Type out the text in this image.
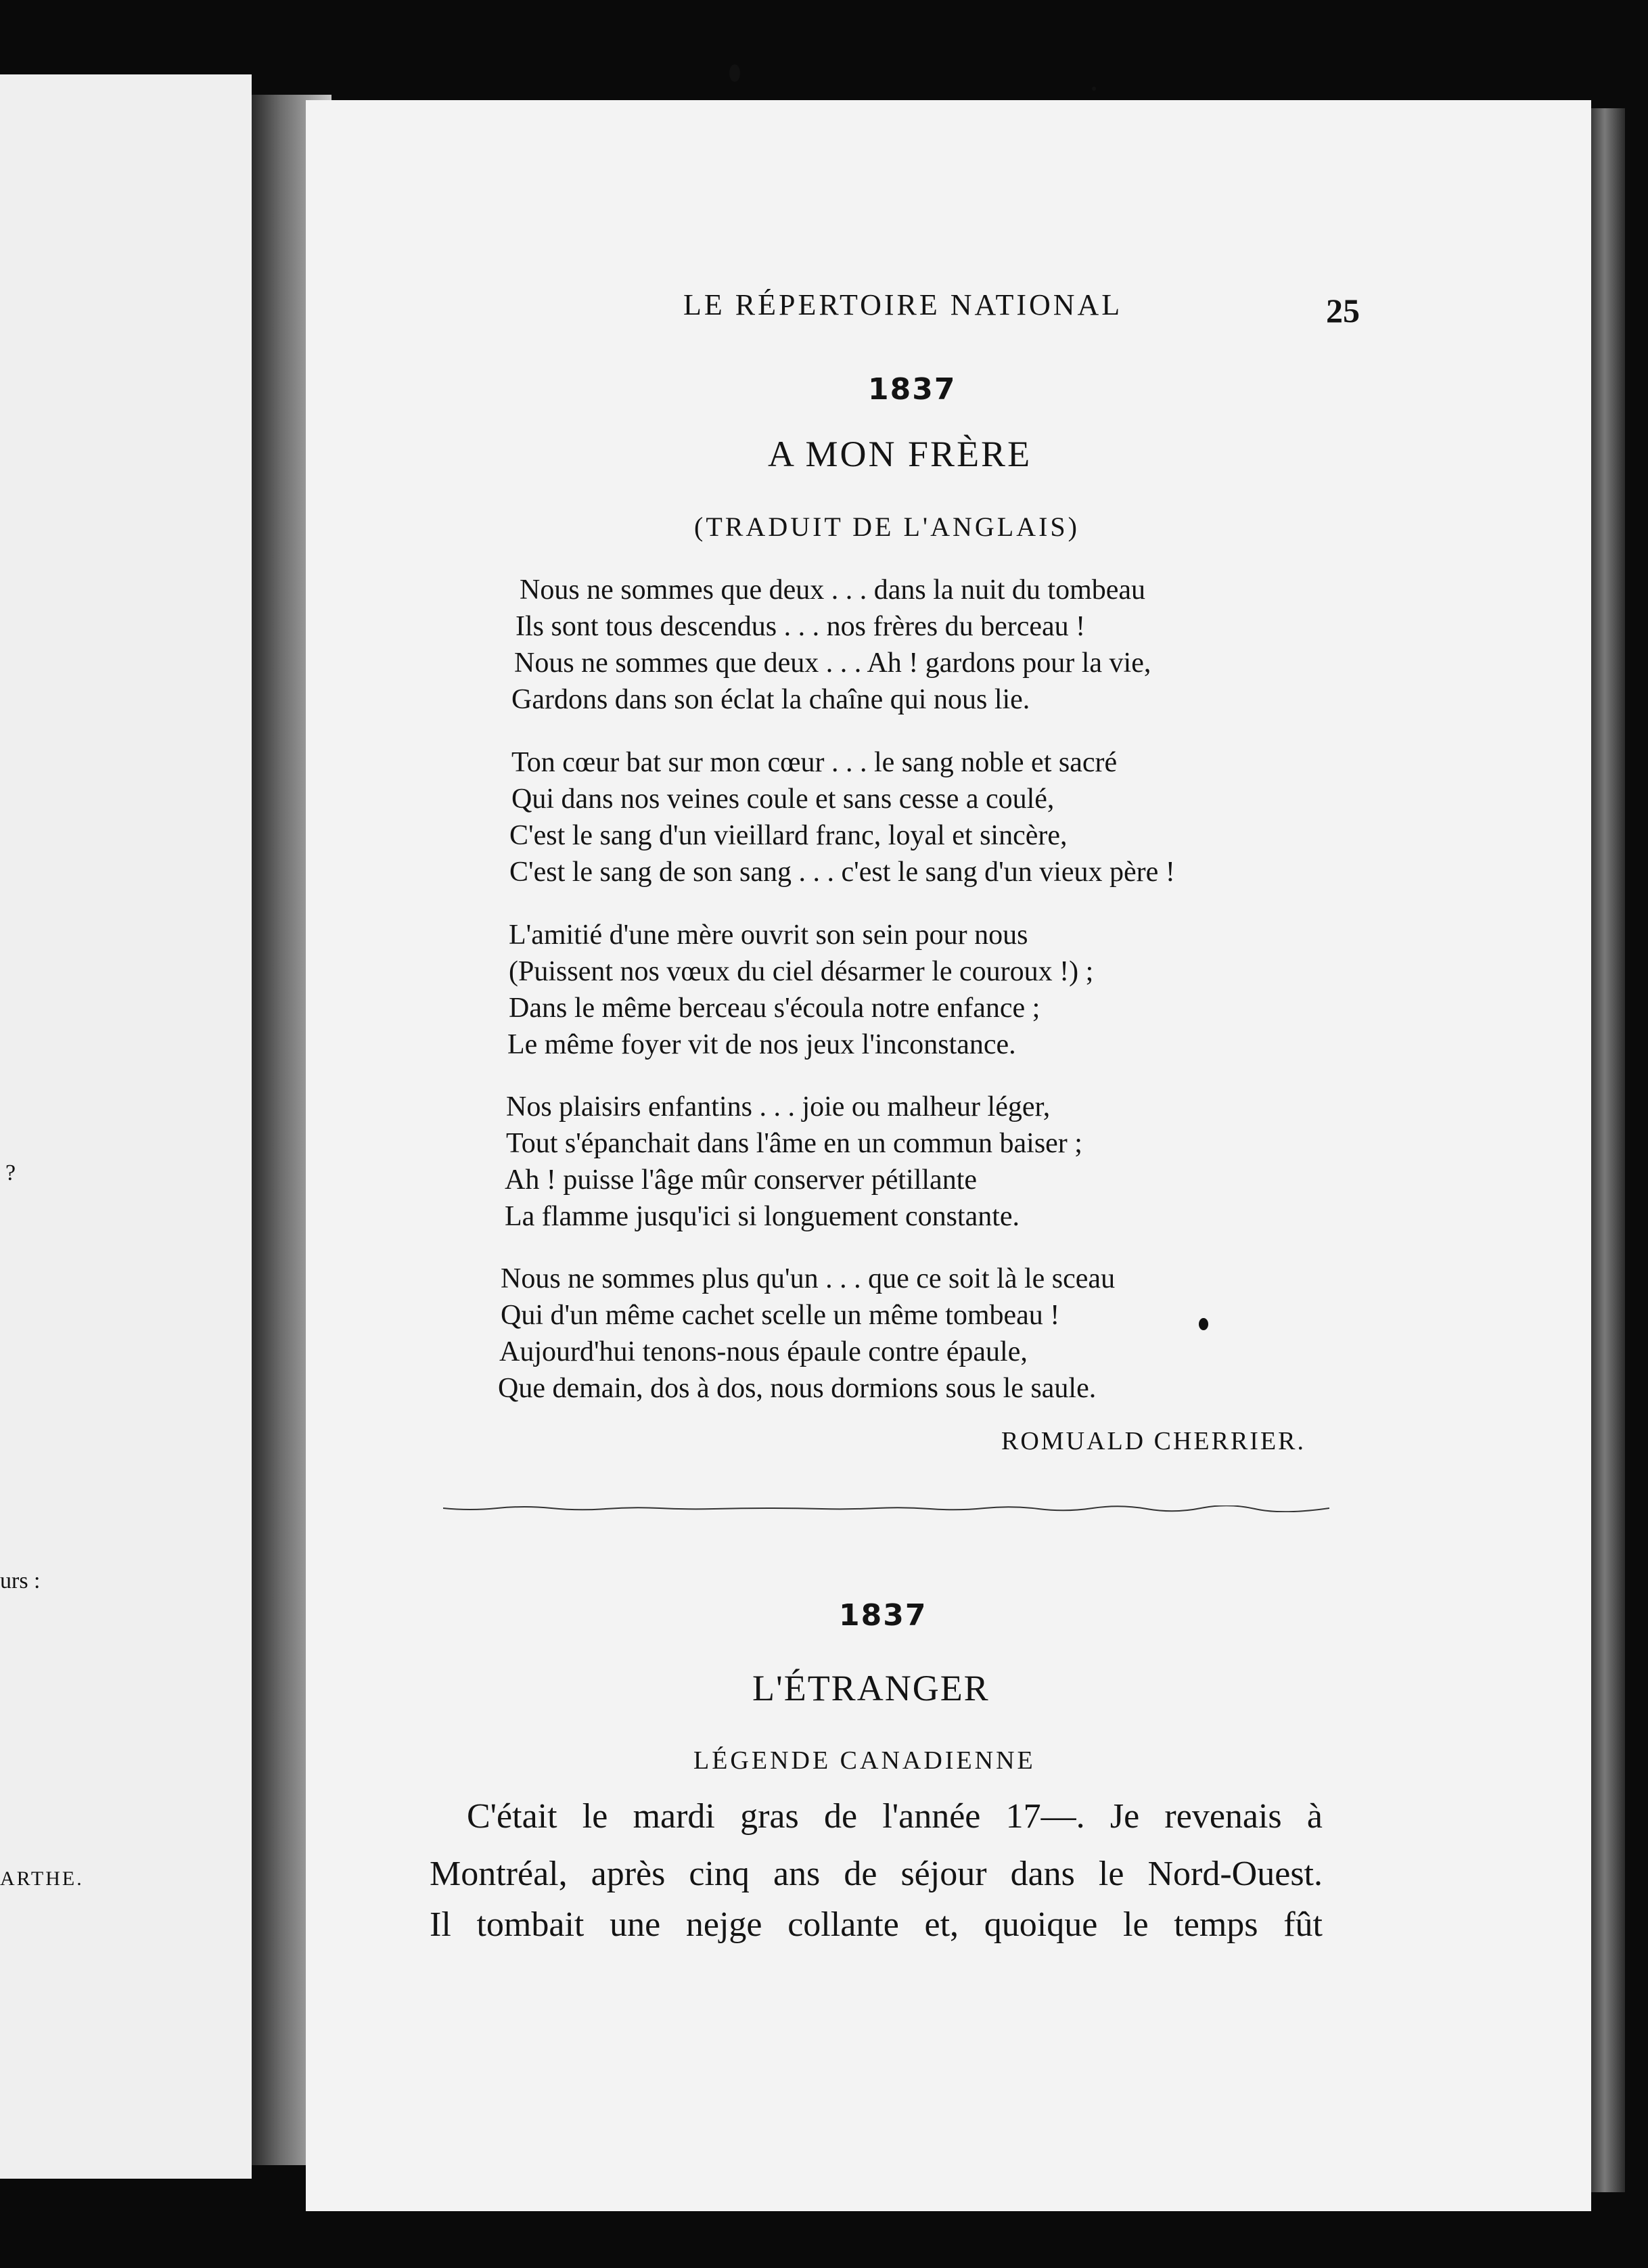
?
urs :
ARTHE.
LE RÉPERTOIRE NATIONAL	25
1837
A MON FRÈRE
(TRADUIT DE L'ANGLAIS)
Nous ne sommes que deux . . . dans la nuit du tombeau
Ils sont tous descendus . . . nos frères du berceau !
Nous ne sommes que deux . . . Ah ! gardons pour la vie,
Gardons dans son éclat la chaîne qui nous lie.
Ton cœur bat sur mon cœur . . . le sang noble et sacré
Qui dans nos veines coule et sans cesse a coulé,
C'est le sang d'un vieillard franc, loyal et sincère,
C'est le sang de son sang . . . c'est le sang d'un vieux père !
L'amitié d'une mère ouvrit son sein pour nous
(Puissent nos vœux du ciel désarmer le couroux !) ;
Dans le même berceau s'écoula notre enfance ;
Le même foyer vit de nos jeux l'inconstance.
Nos plaisirs enfantins . . . joie ou malheur léger,
Tout s'épanchait dans l'âme en un commun baiser ;
Ah ! puisse l'âge mûr conserver pétillante
La flamme jusqu'ici si longuement constante.
Nous ne sommes plus qu'un . . . que ce soit là le sceau
Qui d'un même cachet scelle un même tombeau !
Aujourd'hui tenons-nous épaule contre épaule,
Que demain, dos à dos, nous dormions sous le saule.
ROMUALD CHERRIER.
1837
L'ÉTRANGER
LÉGENDE CANADIENNE
C'était le mardi gras de l'année 17—. Je revenais à
Montréal, après cinq ans de séjour dans le Nord-Ouest.
Il tombait une nejge collante et, quoique le temps fût
